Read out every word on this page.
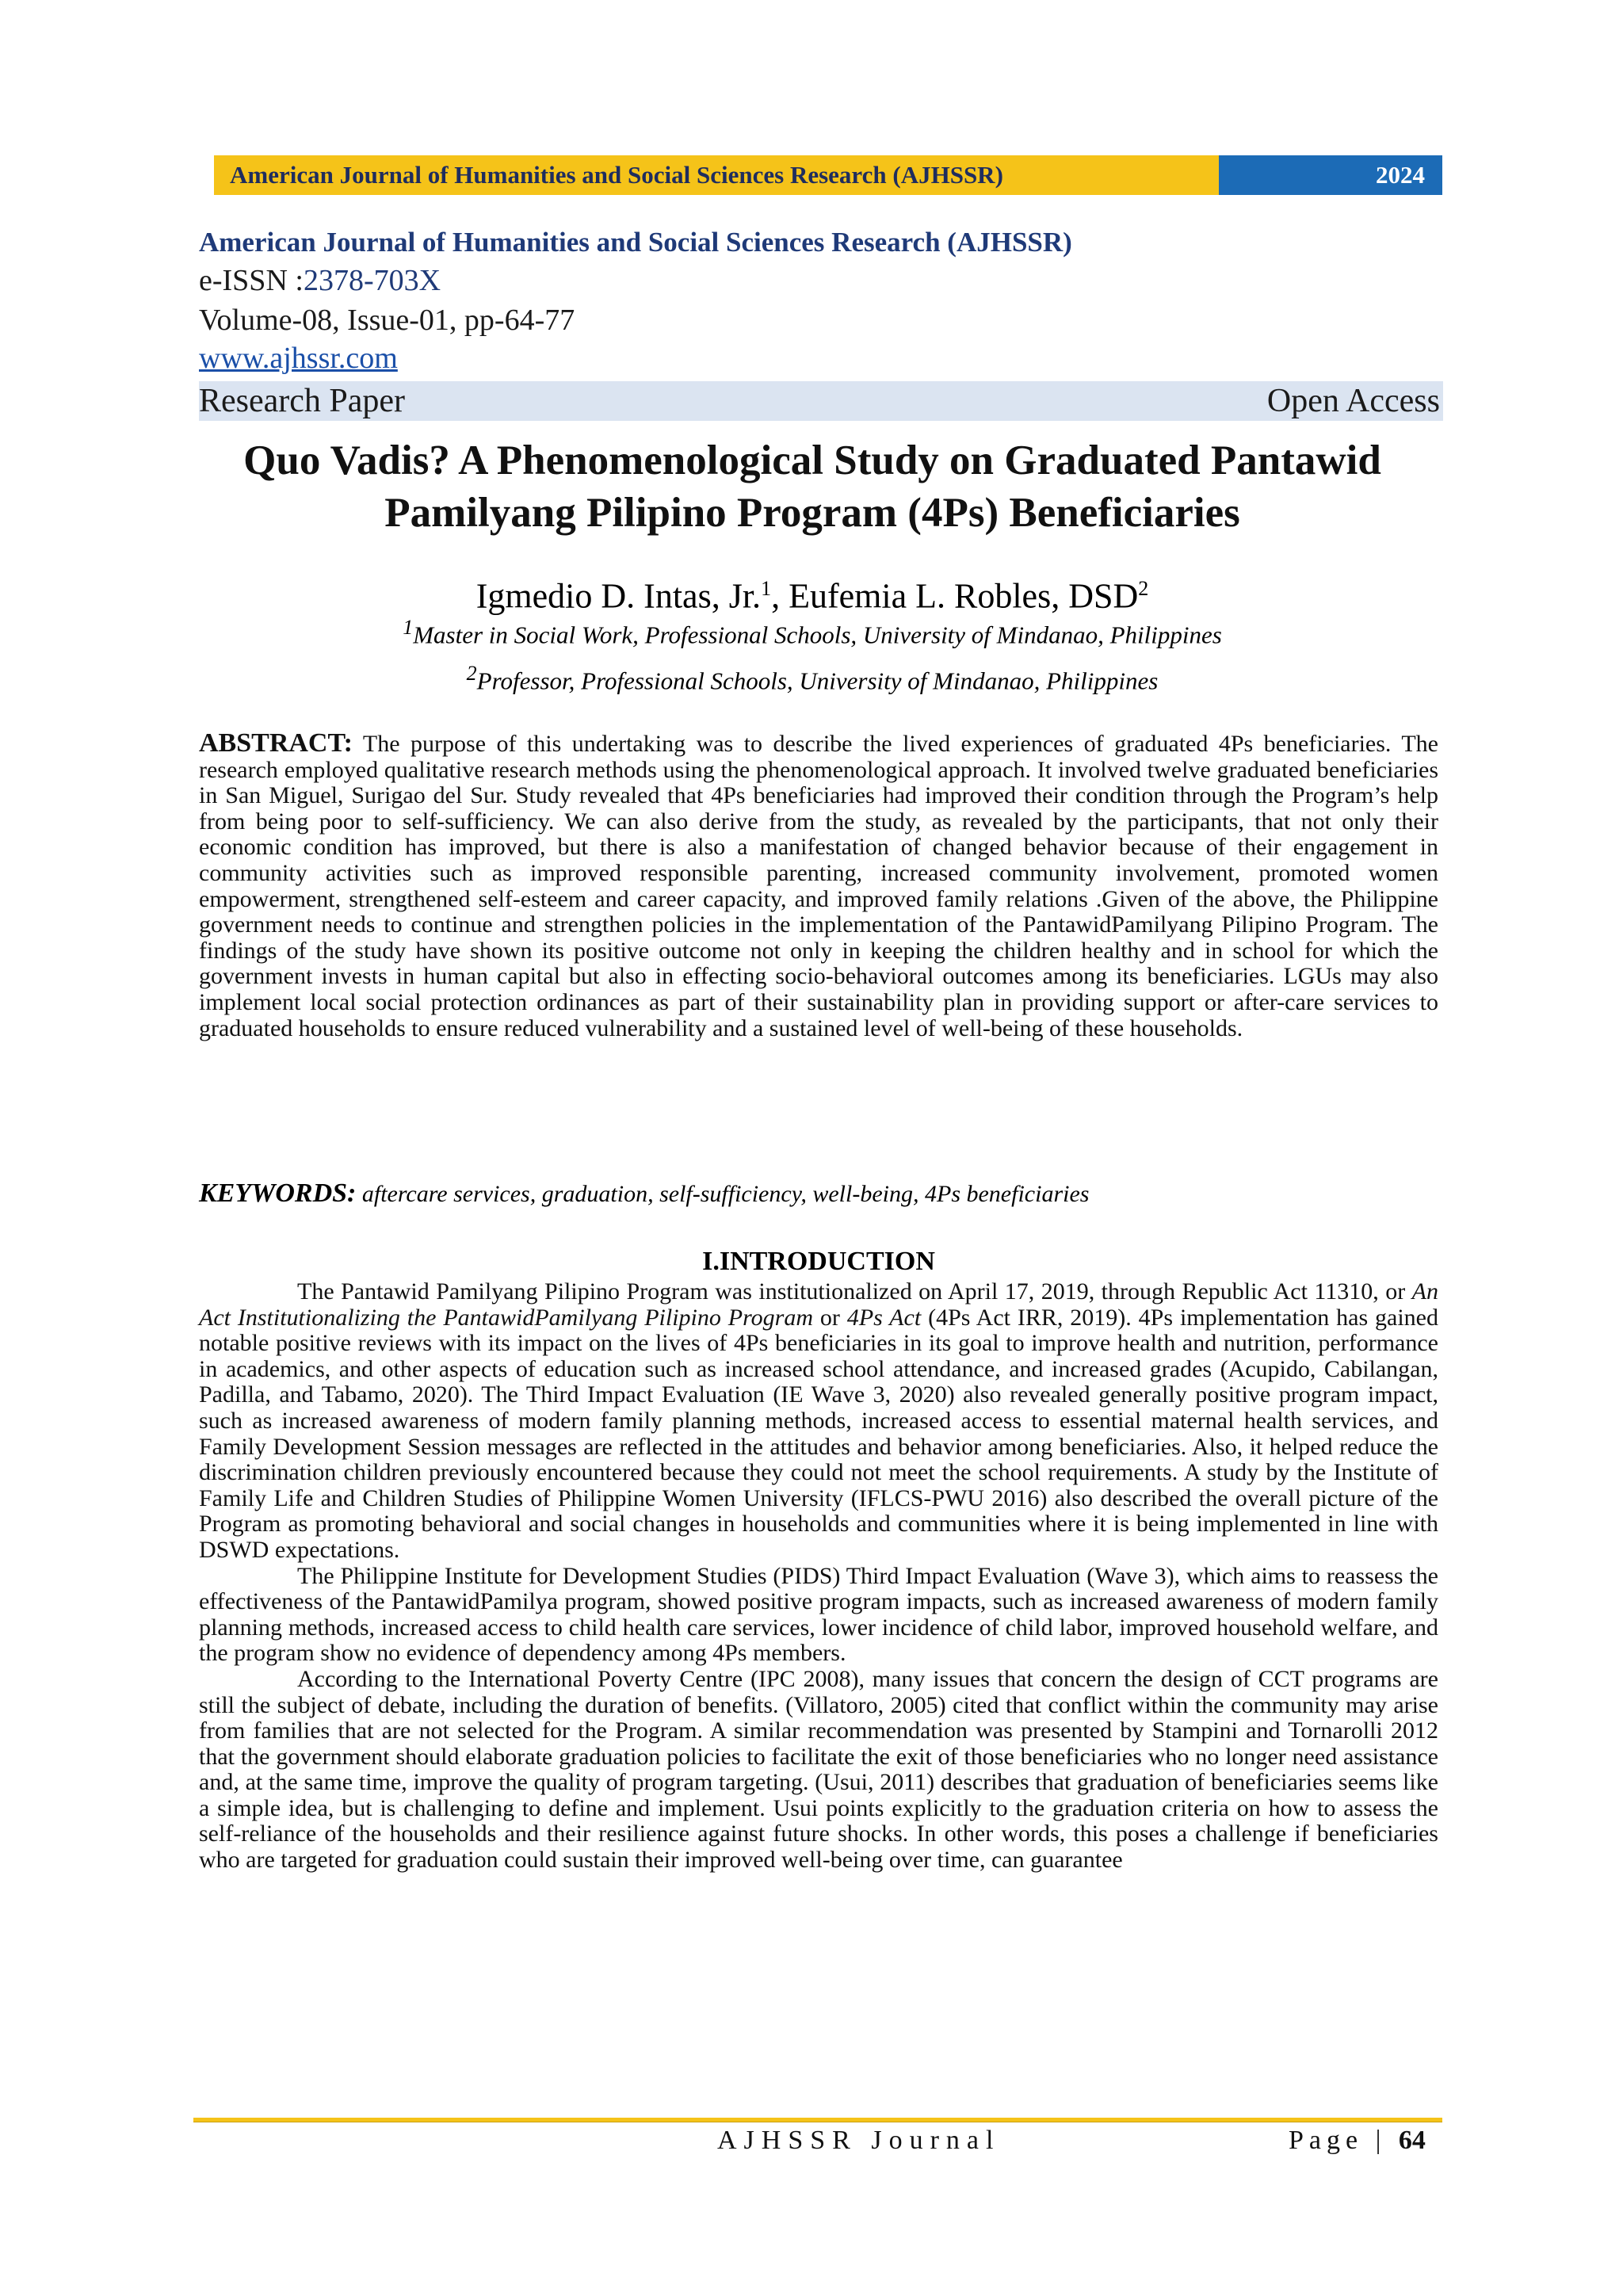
American Journal of Humanities and Social Sciences Research (AJHSSR)	2024
American Journal of Humanities and Social Sciences Research (AJHSSR)
e-ISSN :2378-703X
Volume-08, Issue-01, pp-64-77
www.ajhssr.com
Research Paper	Open Access
Quo Vadis? A Phenomenological Study on Graduated Pantawid
Pamilyang Pilipino Program (4Ps) Beneficiaries
Igmedio D. Intas, Jr.$^1$, Eufemia L. Robles, DSD$^2$
$^1$Master in Social Work, Professional Schools, University of Mindanao, Philippines
$^2$Professor, Professional Schools, University of Mindanao, Philippines
ABSTRACT: The purpose of this undertaking was to describe the lived experiences of graduated 4Ps beneficiaries. The research employed qualitative research methods using the phenomenological approach. It involved twelve graduated beneficiaries in San Miguel, Surigao del Sur. Study revealed that 4Ps beneficiaries had improved their condition through the Program’s help from being poor to self-sufficiency. We can also derive from the study, as revealed by the participants, that not only their economic condition has improved, but there is also a manifestation of changed behavior because of their engagement in community activities such as improved responsible parenting, increased community involvement, promoted women empowerment, strengthened self-esteem and career capacity, and improved family relations .Given of the above, the Philippine government needs to continue and strengthen policies in the implementation of the PantawidPamilyang Pilipino Program. The findings of the study have shown its positive outcome not only in keeping the children healthy and in school for which the government invests in human capital but also in effecting socio-behavioral outcomes among its beneficiaries. LGUs may also implement local social protection ordinances as part of their sustainability plan in providing support or after-care services to graduated households to ensure reduced vulnerability and a sustained level of well-being of these households.
KEYWORDS: aftercare services, graduation, self-sufficiency, well-being, 4Ps beneficiaries
I.INTRODUCTION

The Pantawid Pamilyang Pilipino Program was institutionalized on April 17, 2019, through Republic Act 11310, or An Act Institutionalizing the PantawidPamilyang Pilipino Program or 4Ps Act (4Ps Act IRR, 2019). 4Ps implementation has gained notable positive reviews with its impact on the lives of 4Ps beneficiaries in its goal to improve health and nutrition, performance in academics, and other aspects of education such as increased school attendance, and increased grades (Acupido, Cabilangan, Padilla, and Tabamo, 2020). The Third Impact Evaluation (IE Wave 3, 2020) also revealed generally positive program impact, such as increased awareness of modern family planning methods, increased access to essential maternal health services, and Family Development Session messages are reflected in the attitudes and behavior among beneficiaries. Also, it helped reduce the discrimination children previously encountered because they could not meet the school requirements. A study by the Institute of Family Life and Children Studies of Philippine Women University (IFLCS-PWU 2016) also described the overall picture of the Program as promoting behavioral and social changes in households and communities where it is being implemented in line with DSWD expectations.

The Philippine Institute for Development Studies (PIDS) Third Impact Evaluation (Wave 3), which aims to reassess the effectiveness of the PantawidPamilya program, showed positive program impacts, such as increased awareness of modern family planning methods, increased access to child health care services, lower incidence of child labor, improved household welfare, and the program show no evidence of dependency among 4Ps members.

According to the International Poverty Centre (IPC 2008), many issues that concern the design of CCT programs are still the subject of debate, including the duration of benefits. (Villatoro, 2005) cited that conflict within the community may arise from families that are not selected for the Program. A similar recommendation was presented by Stampini and Tornarolli 2012 that the government should elaborate graduation policies to facilitate the exit of those beneficiaries who no longer need assistance and, at the same time, improve the quality of program targeting. (Usui, 2011) describes that graduation of beneficiaries seems like a simple idea, but is challenging to define and implement. Usui points explicitly to the graduation criteria on how to assess the self-reliance of the households and their resilience against future shocks. In other words, this poses a challenge if beneficiaries who are targeted for graduation could sustain their improved well-being over time, can guarantee

AJHSSR Journal	Page | 64
